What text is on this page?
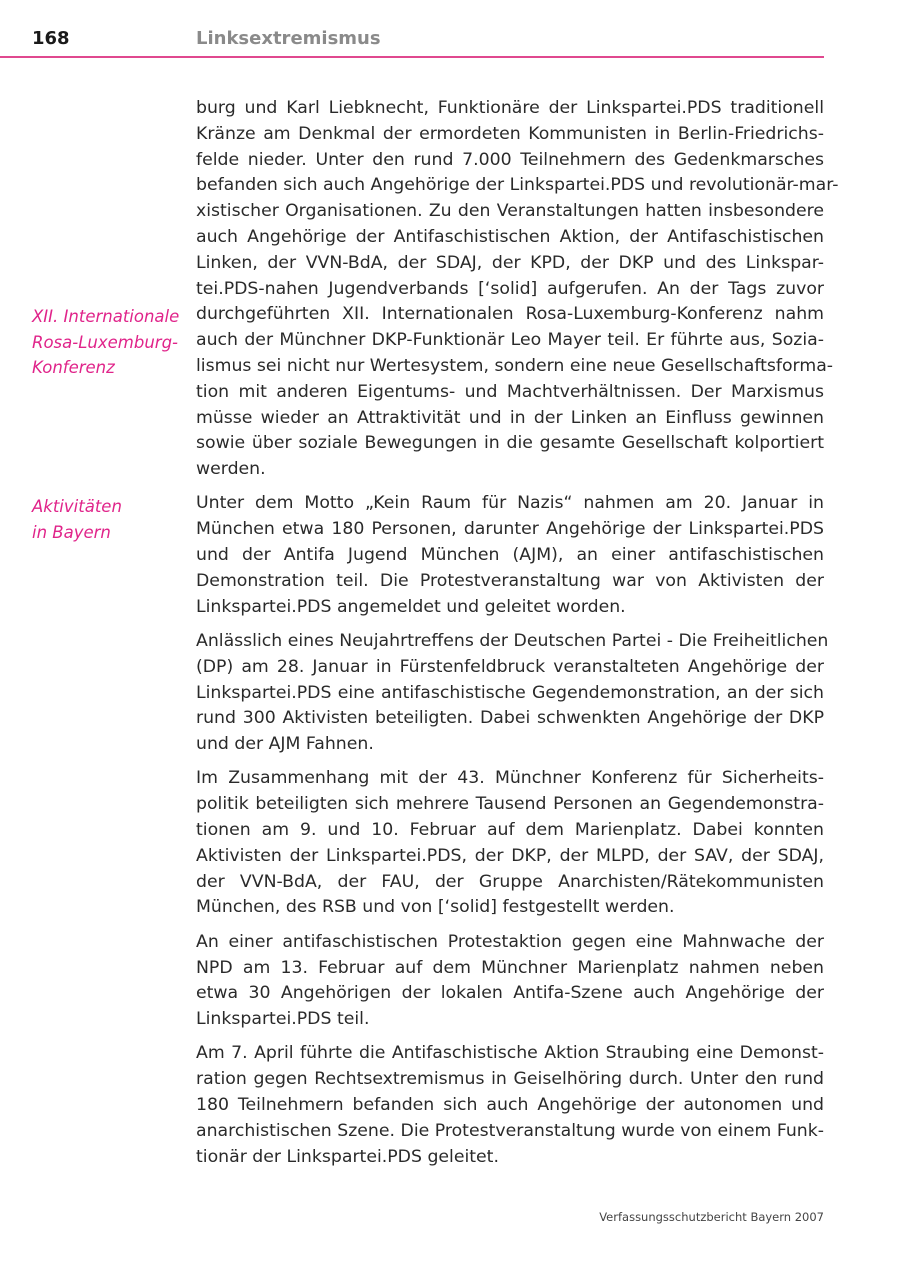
168	Linksextremismus
XII. Internationale
Rosa-Luxemburg-
Konferenz
Aktivitäten
in Bayern

burg und Karl Liebknecht, Funktionäre der Linkspartei.PDS traditionell
Kränze am Denkmal der ermordeten Kommunisten in Berlin-Friedrichs-
felde nieder. Unter den rund 7.000 Teilnehmern des Gedenkmarsches
befanden sich auch Angehörige der Linkspartei.PDS und revolutionär-mar-
xistischer Organisationen. Zu den Veranstaltungen hatten insbesondere
auch Angehörige der Antifaschistischen Aktion, der Antifaschistischen
Linken, der VVN-BdA, der SDAJ, der KPD, der DKP und des Linkspar-
tei.PDS-nahen Jugendverbands [‘solid] aufgerufen. An der Tags zuvor
durchgeführten XII. Internationalen Rosa-Luxemburg-Konferenz nahm
auch der Münchner DKP-Funktionär Leo Mayer teil. Er führte aus, Sozia-
lismus sei nicht nur Wertesystem, sondern eine neue Gesellschaftsforma-
tion mit anderen Eigentums- und Machtverhältnissen. Der Marxismus
müsse wieder an Attraktivität und in der Linken an Einfluss gewinnen
sowie über soziale Bewegungen in die gesamte Gesellschaft kolportiert
werden.

Unter dem Motto „Kein Raum für Nazis“ nahmen am 20. Januar in
München etwa 180 Personen, darunter Angehörige der Linkspartei.PDS
und der Antifa Jugend München (AJM), an einer antifaschistischen
Demonstration teil. Die Protestveranstaltung war von Aktivisten der
Linkspartei.PDS angemeldet und geleitet worden.

Anlässlich eines Neujahrtreffens der Deutschen Partei - Die Freiheitlichen
(DP) am 28. Januar in Fürstenfeldbruck veranstalteten Angehörige der
Linkspartei.PDS eine antifaschistische Gegendemonstration, an der sich
rund 300 Aktivisten beteiligten. Dabei schwenkten Angehörige der DKP
und der AJM Fahnen.

Im Zusammenhang mit der 43. Münchner Konferenz für Sicherheits-
politik beteiligten sich mehrere Tausend Personen an Gegendemonstra-
tionen am 9. und 10. Februar auf dem Marienplatz. Dabei konnten
Aktivisten der Linkspartei.PDS, der DKP, der MLPD, der SAV, der SDAJ,
der VVN-BdA, der FAU, der Gruppe Anarchisten/Rätekommunisten
München, des RSB und von [‘solid] festgestellt werden.

An einer antifaschistischen Protestaktion gegen eine Mahnwache der
NPD am 13. Februar auf dem Münchner Marienplatz nahmen neben
etwa 30 Angehörigen der lokalen Antifa-Szene auch Angehörige der
Linkspartei.PDS teil.

Am 7. April führte die Antifaschistische Aktion Straubing eine Demonst-
ration gegen Rechtsextremismus in Geiselhöring durch. Unter den rund
180 Teilnehmern befanden sich auch Angehörige der autonomen und
anarchistischen Szene. Die Protestveranstaltung wurde von einem Funk-
tionär der Linkspartei.PDS geleitet.

Verfassungsschutzbericht Bayern 2007
